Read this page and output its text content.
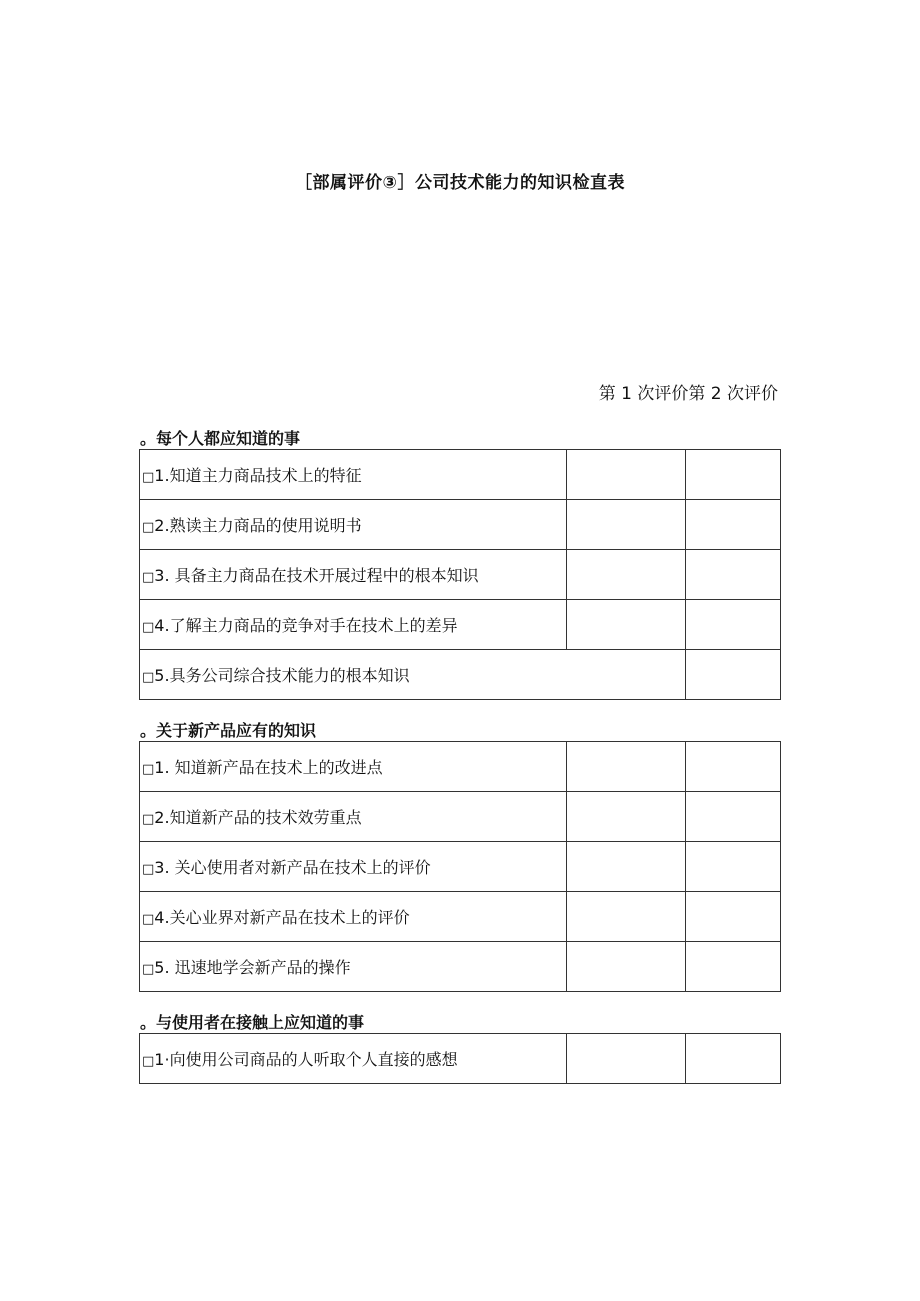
［部属评价③］公司技术能力的知识检直表
第 1 次评价第 2 次评价
。每个人都应知道的事
□1.知道主力商品技术上的特征		
□2.熟读主力商品的使用说明书		
□3. 具备主力商品在技术开展过程中的根本知识		
□4.了解主力商品的竞争对手在技术上的差异		
□5.具务公司综合技术能力的根本知识		
。关于新产品应有的知识
□1. 知道新产品在技术上的改进点		
□2.知道新产品的技术效劳重点		
□3. 关心使用者对新产品在技术上的评价		
□4.关心业界对新产品在技术上的评价		
□5. 迅速地学会新产品的操作		
。与使用者在接触上应知道的事
□1·向使用公司商品的人听取个人直接的感想		
